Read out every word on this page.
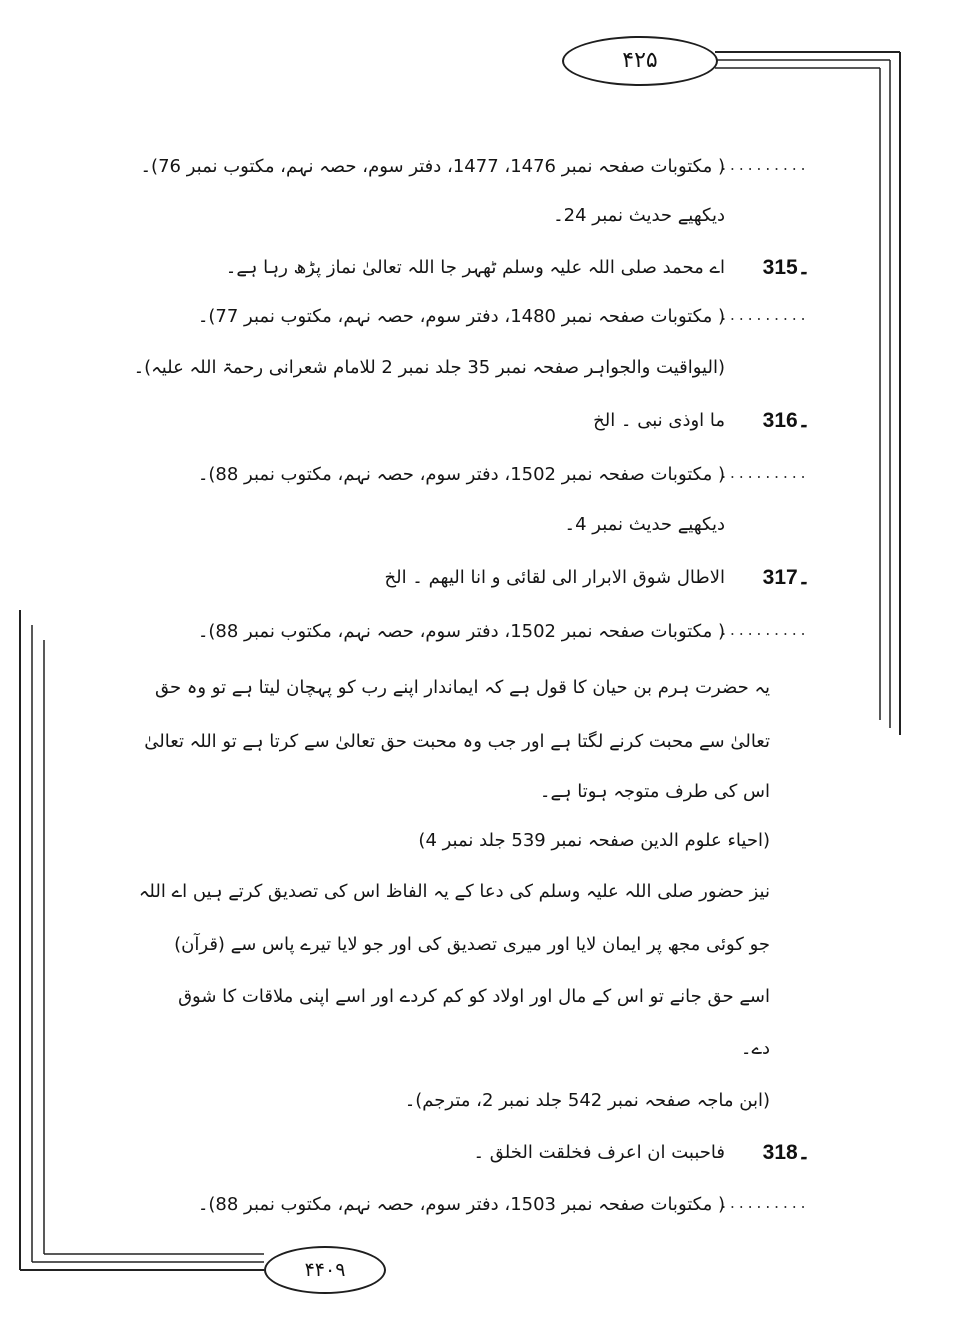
۴۲۵
..........
( مکتوبات صفحہ نمبر 1476، 1477، دفتر سوم، حصہ نہم، مکتوب نمبر 76)۔
دیکھیے حدیث نمبر 24۔
315۔
اے محمد صلی اللہ علیہ وسلم ٹھہر جا اللہ تعالیٰ نماز پڑھ رہا ہے۔
..........
( مکتوبات صفحہ نمبر 1480، دفتر سوم، حصہ نہم، مکتوب نمبر 77)۔
(الیواقیت والجواہر صفحہ نمبر 35 جلد نمبر 2 للامام شعرانی رحمۃ اللہ علیہ)۔
316۔
ما اوذی نبی ۔ الخ
..........
( مکتوبات صفحہ نمبر 1502، دفتر سوم، حصہ نہم، مکتوب نمبر 88)۔
دیکھیے حدیث نمبر 4۔
317۔
الاطال شوق الابرار الی لقائی و انا الیھم ۔ الخ
..........
( مکتوبات صفحہ نمبر 1502، دفتر سوم، حصہ نہم، مکتوب نمبر 88)۔
یہ حضرت ہرم بن حیان کا قول ہے کہ ایماندار اپنے رب کو پہچان لیتا ہے تو وہ حق
تعالیٰ سے محبت کرنے لگتا ہے اور جب وہ محبت حق تعالیٰ سے کرتا ہے تو اللہ تعالیٰ
اس کی طرف متوجہ ہوتا ہے۔
(احیاء علوم الدین صفحہ نمبر 539 جلد نمبر 4)
نیز حضور صلی اللہ علیہ وسلم کی دعا کے یہ الفاظ اس کی تصدیق کرتے ہیں اے اللہ
جو کوئی مجھ پر ایمان لایا اور میری تصدیق کی اور جو لایا تیرے پاس سے (قرآن)
اسے حق جانے تو اس کے مال اور اولاد کو کم کردے اور اسے اپنی ملاقات کا شوق
دے۔
(ابن ماجہ صفحہ نمبر 542 جلد نمبر 2، مترجم)۔
318۔
فاحببت ان اعرف فخلقت الخلق ۔
..........
( مکتوبات صفحہ نمبر 1503، دفتر سوم، حصہ نہم، مکتوب نمبر 88)۔
۴۴۰۹
